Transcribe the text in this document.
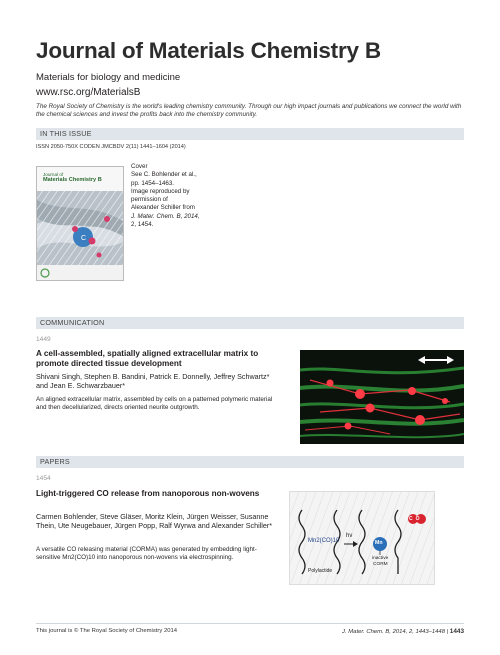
Journal of Materials Chemistry B
Materials for biology and medicine
www.rsc.org/MaterialsB
The Royal Society of Chemistry is the world's leading chemistry community. Through our high impact journals and publications we connect the world with the chemical sciences and invest the profits back into the chemistry community.
IN THIS ISSUE
ISSN 2050-750X CODEN JMCBDV 2(11) 1441–1604 (2014)
C
Journal of
Materials Chemistry B
Cover
See C. Bohlender et al.,
pp. 1454–1463.
Image reproduced by
permission of
Alexander Schiller from
J. Mater. Chem. B, 2014,
2, 1454.
COMMUNICATION
1449
A cell-assembled, spatially aligned extracellular matrix to promote directed tissue development
Shivani Singh, Stephen B. Bandini, Patrick E. Donnelly, Jeffrey Schwartz* and Jean E. Schwarzbauer*
An aligned extracellular matrix, assembled by cells on a patterned polymeric material and then decellularized, directs oriented neurite outgrowth.
PAPERS
1454
Light-triggered CO release from nanoporous non-wovens
Carmen Bohlender, Steve Gläser, Moritz Klein, Jürgen Weisser, Susanne Thein, Ute Neugebauer, Jürgen Popp, Ralf Wyrwa and Alexander Schiller*
A versatile CO releasing material (CORMA) was generated by embedding light-sensitive Mn2(CO)10 into nanoporous non-wovens via electrospinning.
Mn2(CO)10
Polylactide
hν
Mn
inactive
CORM
CO
This journal is © The Royal Society of Chemistry 2014	J. Mater. Chem. B, 2014, 2, 1443–1448 | 1443
